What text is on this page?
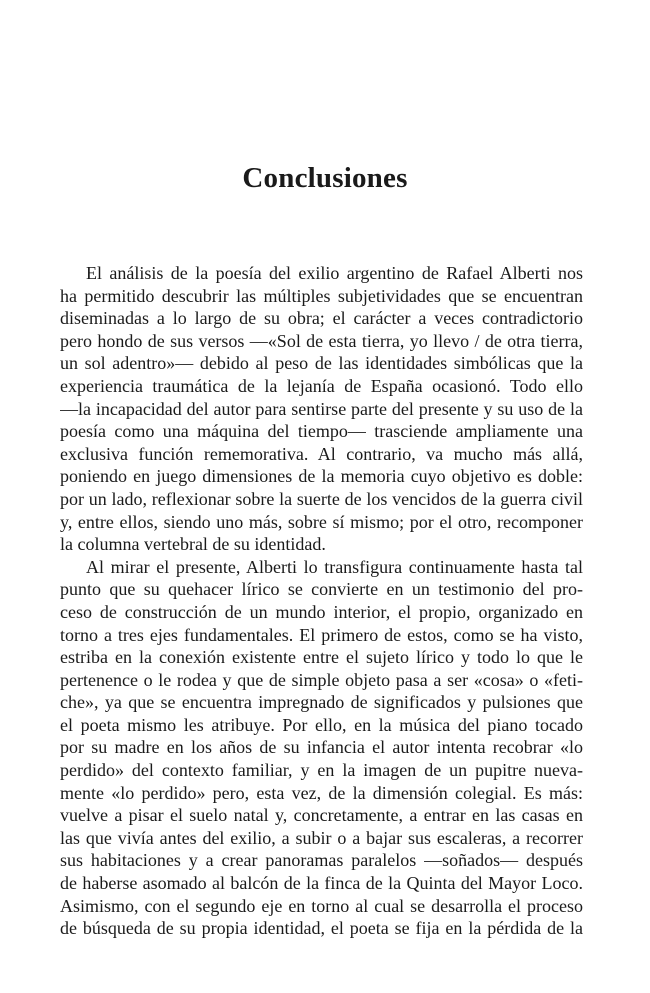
Conclusiones
El análisis de la poesía del exilio argentino de Rafael Alberti nos
ha permitido descubrir las múltiples subjetividades que se encuentran
diseminadas a lo largo de su obra; el carácter a veces contradictorio
pero hondo de sus versos —«Sol de esta tierra, yo llevo / de otra tierra,
un sol adentro»— debido al peso de las identidades simbólicas que la
experiencia traumática de la lejanía de España ocasionó. Todo ello
—la incapacidad del autor para sentirse parte del presente y su uso de la
poesía como una máquina del tiempo— trasciende ampliamente una
exclusiva función rememorativa. Al contrario, va mucho más allá,
poniendo en juego dimensiones de la memoria cuyo objetivo es doble:
por un lado, reflexionar sobre la suerte de los vencidos de la guerra civil
y, entre ellos, siendo uno más, sobre sí mismo; por el otro, recomponer
la columna vertebral de su identidad.
Al mirar el presente, Alberti lo transfigura continuamente hasta tal
punto que su quehacer lírico se convierte en un testimonio del pro-
ceso de construcción de un mundo interior, el propio, organizado en
torno a tres ejes fundamentales. El primero de estos, como se ha visto,
estriba en la conexión existente entre el sujeto lírico y todo lo que le
pertenence o le rodea y que de simple objeto pasa a ser «cosa» o «feti-
che», ya que se encuentra impregnado de significados y pulsiones que
el poeta mismo les atribuye. Por ello, en la música del piano tocado
por su madre en los años de su infancia el autor intenta recobrar «lo
perdido» del contexto familiar, y en la imagen de un pupitre nueva-
mente «lo perdido» pero, esta vez, de la dimensión colegial. Es más:
vuelve a pisar el suelo natal y, concretamente, a entrar en las casas en
las que vivía antes del exilio, a subir o a bajar sus escaleras, a recorrer
sus habitaciones y a crear panoramas paralelos —soñados— después
de haberse asomado al balcón de la finca de la Quinta del Mayor Loco.
Asimismo, con el segundo eje en torno al cual se desarrolla el proceso
de búsqueda de su propia identidad, el poeta se fija en la pérdida de la
